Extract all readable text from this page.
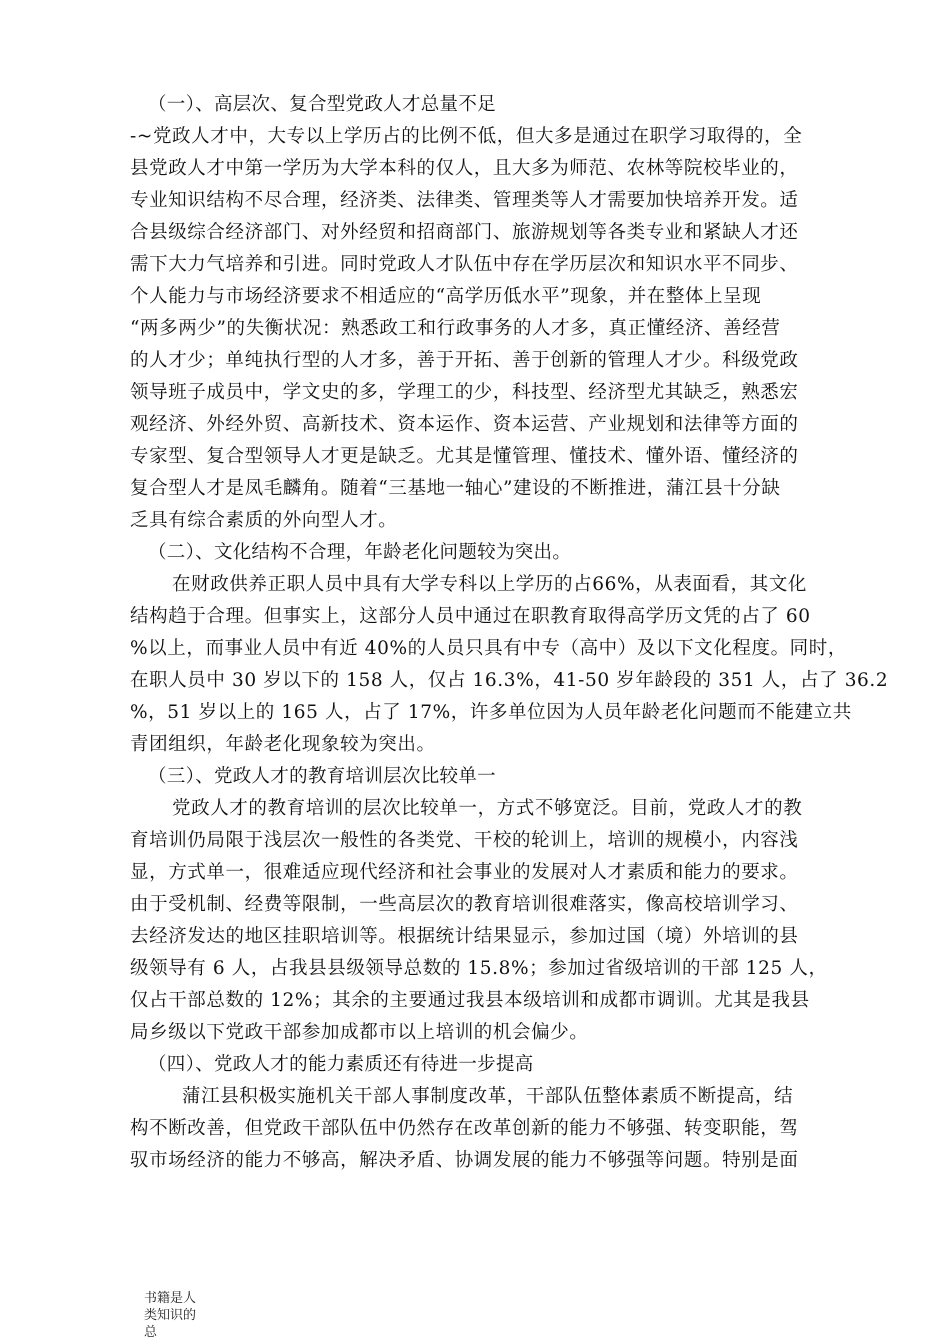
（一）、高层次、复合型党政人才总量不足
-~党政人才中，大专以上学历占的比例不低，但大多是通过在职学习取得的，全
县党政人才中第一学历为大学本科的仅人，且大多为师范、农林等院校毕业的，
专业知识结构不尽合理，经济类、法律类、管理类等人才需要加快培养开发。适
合县级综合经济部门、对外经贸和招商部门、旅游规划等各类专业和紧缺人才还
需下大力气培养和引进。同时党政人才队伍中存在学历层次和知识水平不同步、
个人能力与市场经济要求不相适应的“高学历低水平”现象，并在整体上呈现
“两多两少”的失衡状况：熟悉政工和行政事务的人才多，真正懂经济、善经营
的人才少；单纯执行型的人才多，善于开拓、善于创新的管理人才少。科级党政
领导班子成员中，学文史的多，学理工的少，科技型、经济型尤其缺乏，熟悉宏
观经济、外经外贸、高新技术、资本运作、资本运营、产业规划和法律等方面的
专家型、复合型领导人才更是缺乏。尤其是懂管理、懂技术、懂外语、懂经济的
复合型人才是凤毛麟角。随着“三基地一轴心”建设的不断推进，蒲江县十分缺
乏具有综合素质的外向型人才。
（二）、文化结构不合理，年龄老化问题较为突出。
在财政供养正职人员中具有大学专科以上学历的占66%，从表面看，其文化
结构趋于合理。但事实上，这部分人员中通过在职教育取得高学历文凭的占了 60
%以上，而事业人员中有近 40%的人员只具有中专（高中）及以下文化程度。同时，
在职人员中 30 岁以下的 158 人，仅占 16.3%，41-50 岁年龄段的 351 人，占了 36.2
%，51 岁以上的 165 人，占了 17%，许多单位因为人员年龄老化问题而不能建立共
青团组织，年龄老化现象较为突出。
（三）、党政人才的教育培训层次比较单一
党政人才的教育培训的层次比较单一，方式不够宽泛。目前，党政人才的教
育培训仍局限于浅层次一般性的各类党、干校的轮训上，培训的规模小，内容浅
显，方式单一，很难适应现代经济和社会事业的发展对人才素质和能力的要求。
由于受机制、经费等限制，一些高层次的教育培训很难落实，像高校培训学习、
去经济发达的地区挂职培训等。根据统计结果显示，参加过国（境）外培训的县
级领导有 6 人，占我县县级领导总数的 15.8%；参加过省级培训的干部 125 人，
仅占干部总数的 12%；其余的主要通过我县本级培训和成都市调训。尤其是我县
局乡级以下党政干部参加成都市以上培训的机会偏少。
（四）、党政人才的能力素质还有待进一步提高
蒲江县积极实施机关干部人事制度改革，干部队伍整体素质不断提高，结
构不断改善，但党政干部队伍中仍然存在改革创新的能力不够强、转变职能，驾
驭市场经济的能力不够高，解决矛盾、协调发展的能力不够强等问题。特别是面
书籍是人类知识的总
